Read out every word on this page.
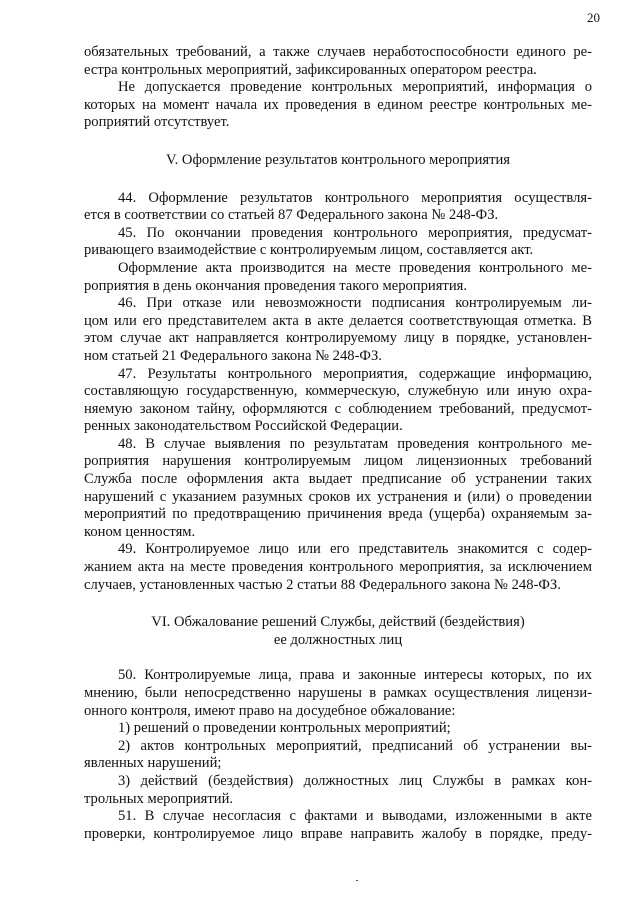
20
обязательных требований, а также случаев неработоспособности единого ре-
естра контрольных мероприятий, зафиксированных оператором реестра.
Не допускается проведение контрольных мероприятий, информация о
которых на момент начала их проведения в едином реестре контрольных ме-
роприятий отсутствует.
V. Оформление результатов контрольного мероприятия
44. Оформление результатов контрольного мероприятия осуществля-
ется в соответствии со статьей 87 Федерального закона № 248-ФЗ.
45. По окончании проведения контрольного мероприятия, предусмат-
ривающего взаимодействие с контролируемым лицом, составляется акт.
Оформление акта производится на месте проведения контрольного ме-
роприятия в день окончания проведения такого мероприятия.
46. При отказе или невозможности подписания контролируемым ли-
цом или его представителем акта в акте делается соответствующая отметка. В
этом случае акт направляется контролируемому лицу в порядке, установлен-
ном статьей 21 Федерального закона № 248-ФЗ.
47. Результаты контрольного мероприятия, содержащие информацию,
составляющую государственную, коммерческую, служебную или иную охра-
няемую законом тайну, оформляются с соблюдением требований, предусмот-
ренных законодательством Российской Федерации.
48. В случае выявления по результатам проведения контрольного ме-
роприятия нарушения контролируемым лицом лицензионных требований
Служба после оформления акта выдает предписание об устранении таких
нарушений с указанием разумных сроков их устранения и (или) о проведении
мероприятий по предотвращению причинения вреда (ущерба) охраняемым за-
коном ценностям.
49. Контролируемое лицо или его представитель знакомится с содер-
жанием акта на месте проведения контрольного мероприятия, за исключением
случаев, установленных частью 2 статьи 88 Федерального закона № 248-ФЗ.
VI. Обжалование решений Службы, действий (бездействия)
ее должностных лиц
50. Контролируемые лица, права и законные интересы которых, по их
мнению, были непосредственно нарушены в рамках осуществления лицензи-
онного контроля, имеют право на досудебное обжалование:
1) решений о проведении контрольных мероприятий;
2) актов контрольных мероприятий, предписаний об устранении вы-
явленных нарушений;
3) действий (бездействия) должностных лиц Службы в рамках кон-
трольных мероприятий.
51. В случае несогласия с фактами и выводами, изложенными в акте
проверки, контролируемое лицо вправе направить жалобу в порядке, преду-
